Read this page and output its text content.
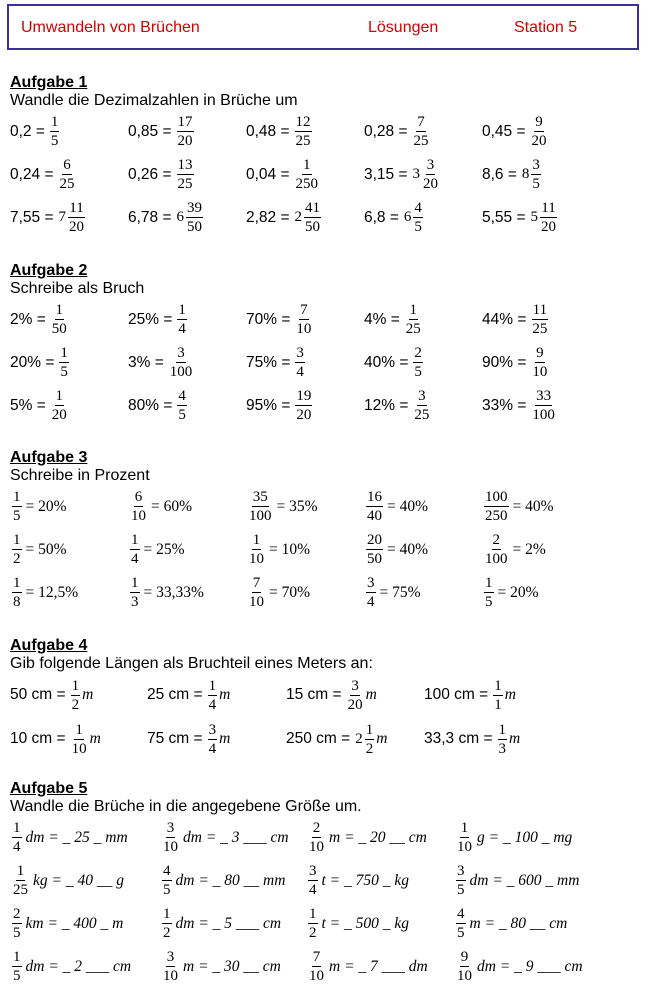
Umwandeln von Brüchen	Lösungen	Station 5
Aufgabe 1
Wandle die Dezimalzahlen in Brüche um
$0,2 = \frac{1}{5}$	$0,85 = \frac{17}{20}$	$0,48 = \frac{12}{25}$	$0,28 = \frac{7}{25}$	$0,45 = \frac{9}{20}$
$0,24 = \frac{6}{25}$	$0,26 = \frac{13}{25}$	$0,04 = \frac{1}{250}$	$3,15 = 3 \frac{3}{20}$	$8,6 = 8 \frac{3}{5}$
$7,55 = 7 \frac{11}{20}$	$6,78 = 6 \frac{39}{50}$	$2,82 = 2 \frac{41}{50}$	$6,8 = 6 \frac{4}{5}$	$5,55 = 5 \frac{11}{20}$
Aufgabe 2
Schreibe als Bruch
$2\% = \frac{1}{50}$	$25\% = \frac{1}{4}$	$70\% = \frac{7}{10}$	$4\% = \frac{1}{25}$	$44\% = \frac{11}{25}$
$20\% = \frac{1}{5}$	$3\% = \frac{3}{100}$	$75\% = \frac{3}{4}$	$40\% = \frac{2}{5}$	$90\% = \frac{9}{10}$
$5\% = \frac{1}{20}$	$80\% = \frac{4}{5}$	$95\% = \frac{19}{20}$	$12\% = \frac{3}{25}$	$33\% = \frac{33}{100}$
Aufgabe 3
Schreibe in Prozent
$\frac{1}{5} = 20\%$	$\frac{6}{10} = 60\%$	$\frac{35}{100} = 35\%$	$\frac{16}{40} = 40\%$	$\frac{100}{250} = 40\%$
$\frac{1}{2} = 50\%$	$\frac{1}{4} = 25\%$	$\frac{1}{10} = 10\%$	$\frac{20}{50} = 40\%$	$\frac{2}{100} = 2\%$
$\frac{1}{8} = 12,5\%$	$\frac{1}{3} = 33,33\%$	$\frac{7}{10} = 70\%$	$\frac{3}{4} = 75\%$	$\frac{1}{5} = 20\%$
Aufgabe 4
Gib folgende Längen als Bruchteil eines Meters an:
50 cm = $\frac{1}{2}$ m	25 cm = $\frac{1}{4}$ m	15 cm = $\frac{3}{20}$ m	100 cm = $\frac{1}{1}$ m
10 cm = $\frac{1}{10}$ m	75 cm = $\frac{3}{4}$ m	250 cm = $2 \frac{1}{2}$ m 33,3 cm = $\frac{1}{3}$ m
Aufgabe 5
Wandle die Brüche in die angegebene Größe um.
$\frac{1}{4}$ dm = _ 25 _ mm $\frac{3}{10}$ dm = _ 3 ___ cm $\frac{2}{10}$ m = _ 20 __ cm $\frac{1}{10}$ g = _ 100 _ mg
$\frac{1}{25}$ kg = _ 40 __ g	$\frac{4}{5}$ dm = _ 80 __ mm $\frac{3}{4}$ t = _ 750 _ kg	$\frac{3}{5}$ dm = _ 600 _ mm
$\frac{2}{5}$ km = _ 400 _ m	$\frac{1}{2}$ dm = _ 5 ___ cm $\frac{1}{2}$ t = _ 500 _ kg	$\frac{4}{5}$ m = _ 80 __ cm
$\frac{1}{5}$ dm = _ 2 ___ cm $\frac{3}{10}$ m = _ 30 __ cm $\frac{7}{10}$ m = _ 7 ___ dm $\frac{9}{10}$ dm = _ 9 ___ cm
